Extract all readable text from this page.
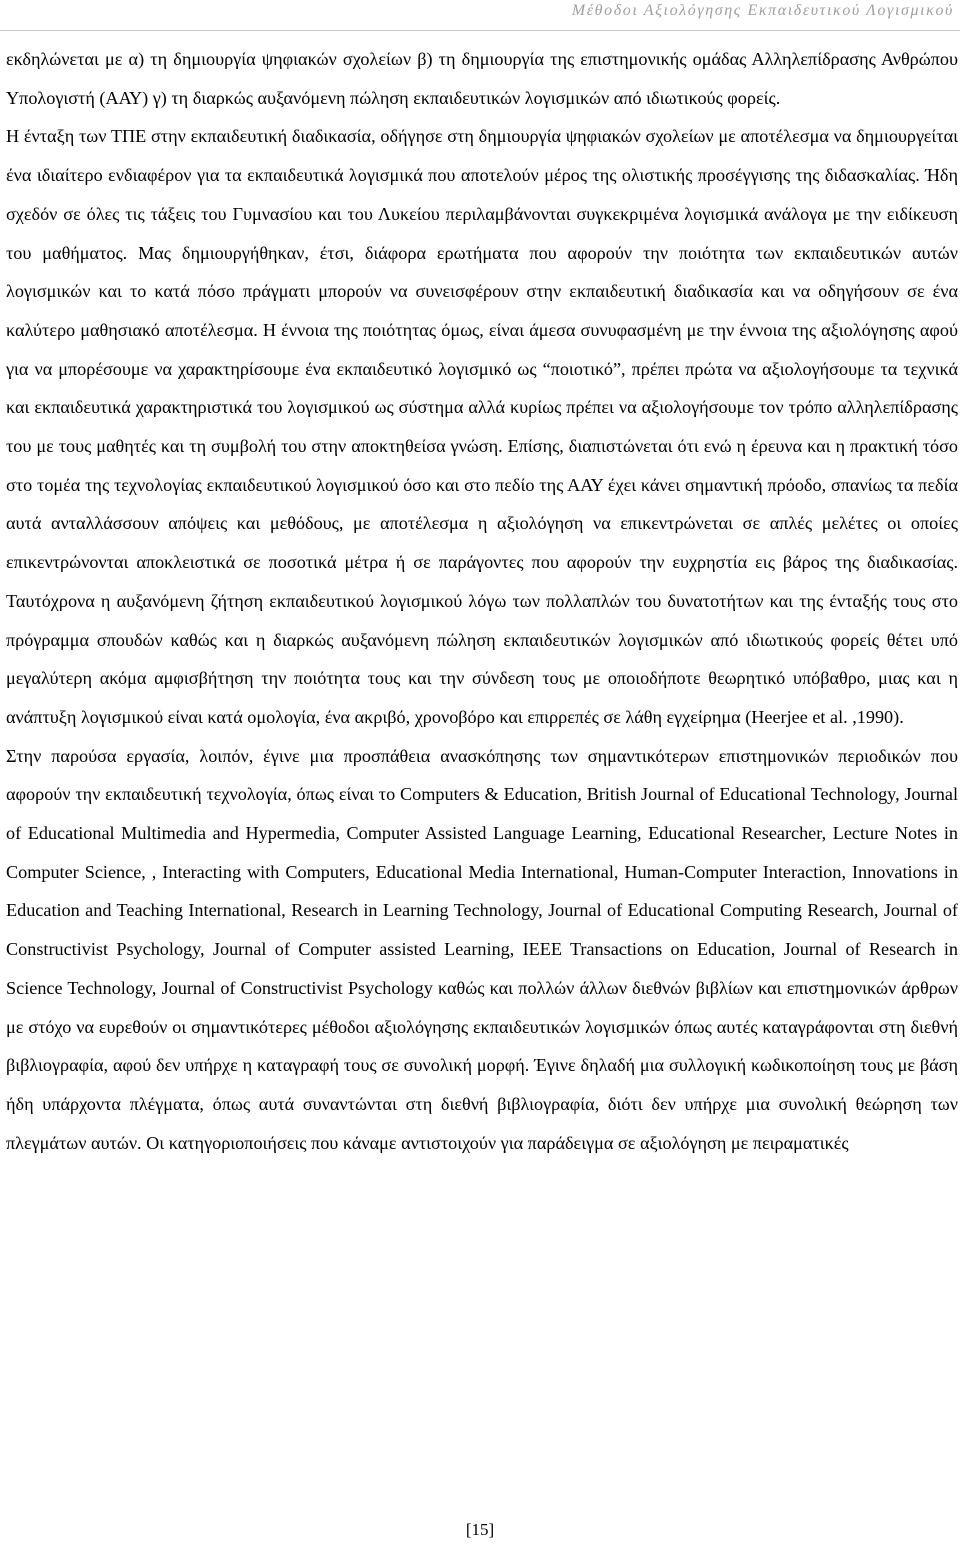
Μέθοδοι Αξιολόγησης Εκπαιδευτικού Λογισμικού

εκδηλώνεται με α) τη δημιουργία ψηφιακών σχολείων β) τη δημιουργία της επιστημονικής ομάδας Αλληλεπίδρασης Ανθρώπου Υπολογιστή (ΑΑΥ) γ) τη διαρκώς αυξανόμενη πώληση εκπαιδευτικών λογισμικών από ιδιωτικούς φορείς.

Η ένταξη των ΤΠΕ στην εκπαιδευτική διαδικασία, οδήγησε στη δημιουργία ψηφιακών σχολείων με αποτέλεσμα να δημιουργείται ένα ιδιαίτερο ενδιαφέρον για τα εκπαιδευτικά λογισμικά που αποτελούν μέρος της ολιστικής προσέγγισης της διδασκαλίας. Ήδη σχεδόν σε όλες τις τάξεις του Γυμνασίου και του Λυκείου περιλαμβάνονται συγκεκριμένα λογισμικά ανάλογα με την ειδίκευση του μαθήματος. Μας δημιουργήθηκαν, έτσι, διάφορα ερωτήματα που αφορούν την ποιότητα των εκπαιδευτικών αυτών λογισμικών και το κατά πόσο πράγματι μπορούν να συνεισφέρουν στην εκπαιδευτική διαδικασία και να οδηγήσουν σε ένα καλύτερο μαθησιακό αποτέλεσμα. Η έννοια της ποιότητας όμως, είναι άμεσα συνυφασμένη με την έννοια της αξιολόγησης αφού για να μπορέσουμε να χαρακτηρίσουμε ένα εκπαιδευτικό λογισμικό ως “ποιοτικό”, πρέπει πρώτα να αξιολογήσουμε τα τεχνικά και εκπαιδευτικά χαρακτηριστικά του λογισμικού ως σύστημα αλλά κυρίως πρέπει να αξιολογήσουμε τον τρόπο αλληλεπίδρασης του με τους μαθητές και τη συμβολή του στην αποκτηθείσα γνώση. Επίσης, διαπιστώνεται ότι ενώ η έρευνα και η πρακτική τόσο στο τομέα της τεχνολογίας εκπαιδευτικού λογισμικού όσο και στο πεδίο της ΑΑΥ έχει κάνει σημαντική πρόοδο, σπανίως τα πεδία αυτά ανταλλάσσουν απόψεις και μεθόδους, με αποτέλεσμα η αξιολόγηση να επικεντρώνεται σε απλές μελέτες οι οποίες επικεντρώνονται αποκλειστικά σε ποσοτικά μέτρα ή σε παράγοντες που αφορούν την ευχρηστία εις βάρος της διαδικασίας. Ταυτόχρονα η αυξανόμενη ζήτηση εκπαιδευτικού λογισμικού λόγω των πολλαπλών του δυνατοτήτων και της ένταξής τους στο πρόγραμμα σπουδών καθώς και η διαρκώς αυξανόμενη πώληση εκπαιδευτικών λογισμικών από ιδιωτικούς φορείς θέτει υπό μεγαλύτερη ακόμα αμφισβήτηση την ποιότητα τους και την σύνδεση τους με οποιοδήποτε θεωρητικό υπόβαθρο, μιας και η ανάπτυξη λογισμικού είναι κατά ομολογία, ένα ακριβό, χρονοβόρο και επιρρεπές σε λάθη εγχείρημα (Heerjee et al. ,1990).

Στην παρούσα εργασία, λοιπόν, έγινε μια προσπάθεια ανασκόπησης των σημαντικότερων επιστημονικών περιοδικών που αφορούν την εκπαιδευτική τεχνολογία, όπως είναι το Computers & Education, British Journal of Educational Technology, Journal of Educational Multimedia and Hypermedia, Computer Assisted Language Learning, Educational Researcher, Lecture Notes in Computer Science, , Interacting with Computers, Educational Media International, Human-Computer Interaction, Innovations in Education and Teaching International, Research in Learning Technology, Journal of Educational Computing Research, Journal of Constructivist Psychology, Journal of Computer assisted Learning, IEEE Transactions on Education, Journal of Research in Science Technology, Journal of Constructivist Psychology καθώς και πολλών άλλων διεθνών βιβλίων και επιστημονικών άρθρων με στόχο να ευρεθούν οι σημαντικότερες μέθοδοι αξιολόγησης εκπαιδευτικών λογισμικών όπως αυτές καταγράφονται στη διεθνή βιβλιογραφία, αφού δεν υπήρχε η καταγραφή τους σε συνολική μορφή. Έγινε δηλαδή μια συλλογική κωδικοποίηση τους με βάση ήδη υπάρχοντα πλέγματα, όπως αυτά συναντώνται στη διεθνή βιβλιογραφία, διότι δεν υπήρχε μια συνολική θεώρηση των πλεγμάτων αυτών. Οι κατηγοριοποιήσεις που κάναμε αντιστοιχούν για παράδειγμα σε αξιολόγηση με πειραματικές

[15]
